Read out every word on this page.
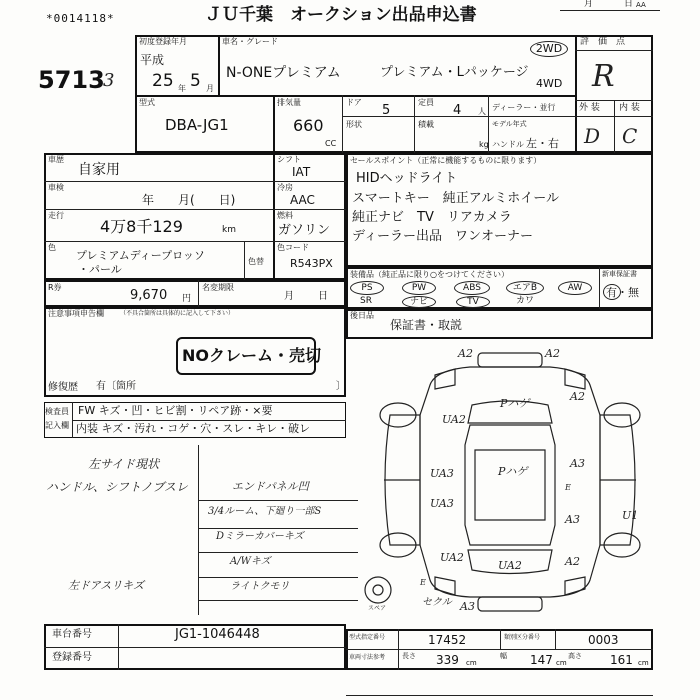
*0014118*	ＪＵ千葉　オークション出品申込書
月	日 AA
5713
3
初度登録年月
平成
25 年 5 月
車名・グレード
N-ONEプレミアム	プレミアム・Lパッケージ
2WD
4WD
評　価　点
R
外 装 内 装
D C
型式
DBA-JG1
排気量
660
CC
ドア
5
形状
定員
4 人
積載
kg
ディーラー・並行
モデル年式
ハンドル 左・右
車歴
自家用
車検
年　　月(　　日)
走行
4万8千129	km
シフト
IAT
冷房
AAC
燃料
ガソリン
色
プレミアムディープロッソ
・パール
色替
色コード
R543PX
R券
9,670 円
名変期限
月 日
セールスポイント（正常に機能するものに限ります）
HIDヘッドライト
スマートキー　純正アルミホイール
純正ナビ　TV　リアカメラ
ディーラー出品　ワンオーナー
装備品（純正品に限り○をつけてください）
PS	PW	ABS	エアB	AW
SR	ナビ	TV	カワ
新車保証書
有・無
後日品
保証書・取説
注意事項申告欄	（不具合箇所は具体的に記入して下さい）
NOクレーム・売切
修復歴 有〔箇所	〕
検査員
記入欄
FW キズ・凹・ヒビ割・リペア跡・×要
内装 キズ・汚れ・コゲ・穴・スレ・キレ・破レ
左サイド現状
ハンドル、シフトノブスレ	エンドパネル凹
3/4ルーム、下廻り一部S
Dミラーカバーキズ
A/Wキズ
ライトクモリ
左ドアスリキズ
A2	A2
Pハゲ
A2
UA2
UA3	Pハゲ
A3
UA3
A3	U1
UA2
UA2	A2
E
E
セクル A3
スペア
車台番号	JG1-1046448
登録番号
型式指定番号	17452	類別区分番号	0003
車両寸法参考 長さ 339 cm
幅 147 cm
高さ 161 cm
